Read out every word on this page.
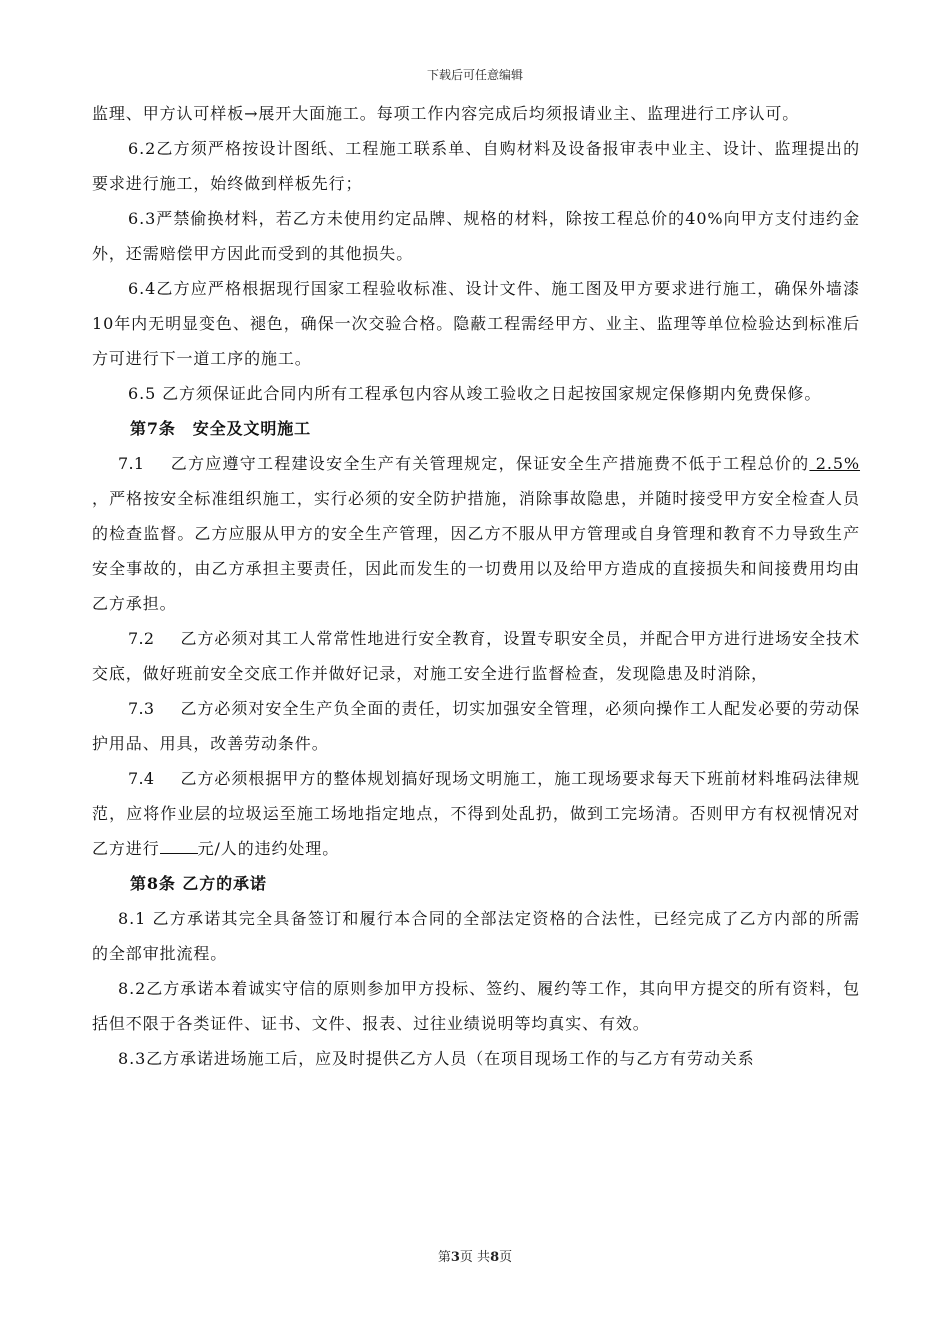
下载后可任意编辑

监理、甲方认可样板→展开大面施工。每项工作内容完成后均须报请业主、监理进行工序认可。

6.2乙方须严格按设计图纸、工程施工联系单、自购材料及设备报审表中业主、设计、监理提出的要求进行施工，始终做到样板先行；

6.3严禁偷换材料，若乙方未使用约定品牌、规格的材料，除按工程总价的40%向甲方支付违约金外，还需赔偿甲方因此而受到的其他损失。

6.4乙方应严格根据现行国家工程验收标准、设计文件、施工图及甲方要求进行施工，确保外墙漆10年内无明显变色、褪色，确保一次交验合格。隐蔽工程需经甲方、业主、监理等单位检验达到标准后方可进行下一道工序的施工。

6.5 乙方须保证此合同内所有工程承包内容从竣工验收之日起按国家规定保修期内免费保修。

第7条　安全及文明施工

7.1 乙方应遵守工程建设安全生产有关管理规定，保证安全生产措施费不低于工程总价的 2.5% ，严格按安全标准组织施工，实行必须的安全防护措施，消除事故隐患，并随时接受甲方安全检查人员的检查监督。乙方应服从甲方的安全生产管理，因乙方不服从甲方管理或自身管理和教育不力导致生产安全事故的，由乙方承担主要责任，因此而发生的一切费用以及给甲方造成的直接损失和间接费用均由乙方承担。

7.2 乙方必须对其工人常常性地进行安全教育，设置专职安全员，并配合甲方进行进场安全技术交底，做好班前安全交底工作并做好记录，对施工安全进行监督检查，发现隐患及时消除，

7.3 乙方必须对安全生产负全面的责任，切实加强安全管理，必须向操作工人配发必要的劳动保护用品、用具，改善劳动条件。

7.4 乙方必须根据甲方的整体规划搞好现场文明施工，施工现场要求每天下班前材料堆码法律规范，应将作业层的垃圾运至施工场地指定地点，不得到处乱扔，做到工完场清。否则甲方有权视情况对乙方进行 元/人的违约处理。

第8条 乙方的承诺

8.1 乙方承诺其完全具备签订和履行本合同的全部法定资格的合法性，已经完成了乙方内部的所需的全部审批流程。

8.2乙方承诺本着诚实守信的原则参加甲方投标、签约、履约等工作，其向甲方提交的所有资料，包括但不限于各类证件、证书、文件、报表、过往业绩说明等均真实、有效。

8.3乙方承诺进场施工后，应及时提供乙方人员（在项目现场工作的与乙方有劳动关系

第3页 共8页
